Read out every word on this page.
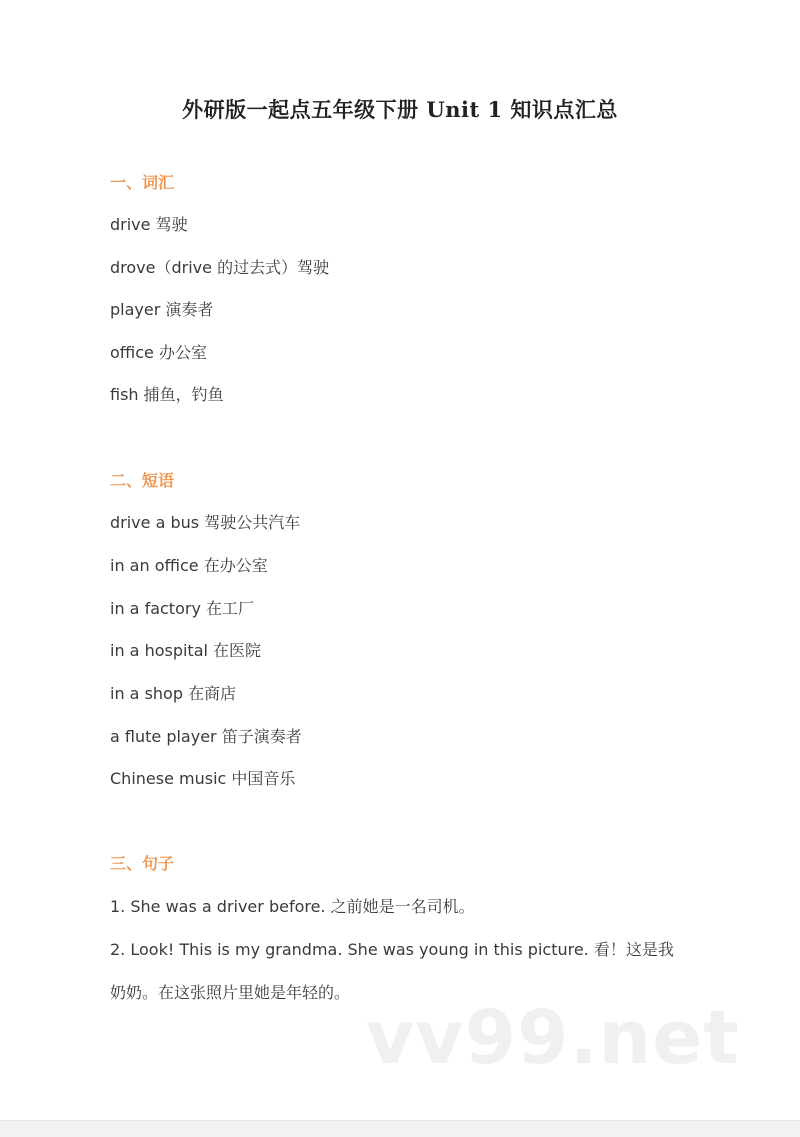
外研版一起点五年级下册 Unit 1 知识点汇总
一、词汇
drive 驾驶
drove（drive 的过去式）驾驶
player 演奏者
office 办公室
fish 捕鱼，钓鱼
二、短语
drive a bus 驾驶公共汽车
in an office 在办公室
in a factory 在工厂
in a hospital 在医院
in a shop 在商店
a flute player 笛子演奏者
Chinese music 中国音乐
三、句子
1. She was a driver before. 之前她是一名司机。
2. Look! This is my grandma. She was young in this picture. 看！这是我
奶奶。在这张照片里她是年轻的。
vv99.net
